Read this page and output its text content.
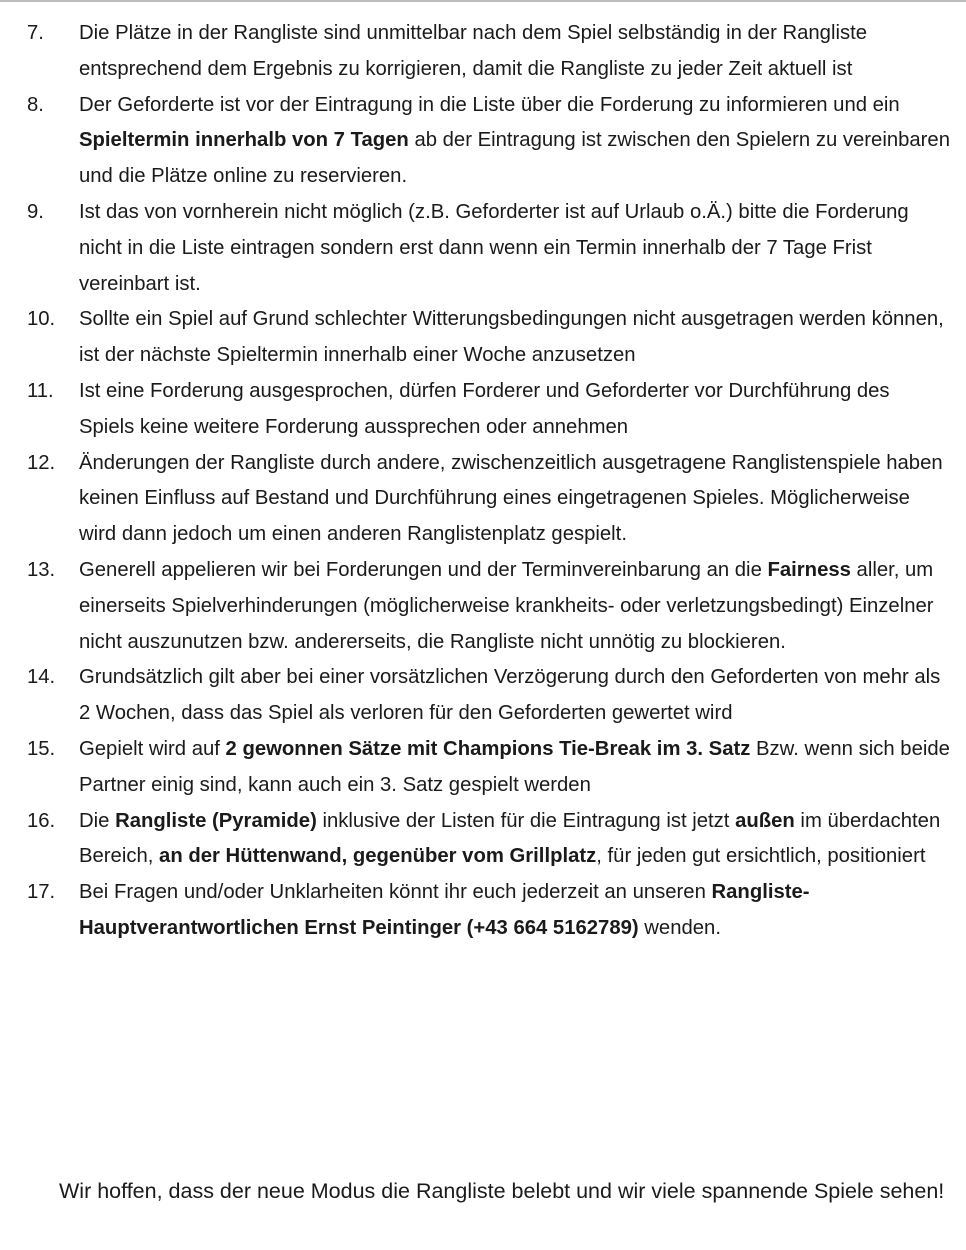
7. Die Plätze in der Rangliste sind unmittelbar nach dem Spiel selbständig in der Rangliste entsprechend dem Ergebnis zu korrigieren, damit die Rangliste zu jeder Zeit aktuell ist
8. Der Geforderte ist vor der Eintragung in die Liste über die Forderung zu informieren und ein Spieltermin innerhalb von 7 Tagen ab der Eintragung ist zwischen den Spielern zu vereinbaren und die Plätze online zu reservieren.
9. Ist das von vornherein nicht möglich (z.B. Geforderter ist auf Urlaub o.Ä.) bitte die Forderung nicht in die Liste eintragen sondern erst dann wenn ein Termin innerhalb der 7 Tage Frist vereinbart ist.
10. Sollte ein Spiel auf Grund schlechter Witterungsbedingungen nicht ausgetragen werden können, ist der nächste Spieltermin innerhalb einer Woche anzusetzen
11. Ist eine Forderung ausgesprochen, dürfen Forderer und Geforderter vor Durchführung des Spiels keine weitere Forderung aussprechen oder annehmen
12. Änderungen der Rangliste durch andere, zwischenzeitlich ausgetragene Ranglistenspiele haben keinen Einfluss auf Bestand und Durchführung eines eingetragenen Spieles. Möglicherweise wird dann jedoch um einen anderen Ranglistenplatz gespielt.
13. Generell appelieren wir bei Forderungen und der Terminvereinbarung an die Fairness aller, um einerseits Spielverhinderungen (möglicherweise krankheits- oder verletzungsbedingt) Einzelner nicht auszunutzen bzw. andererseits, die Rangliste nicht unnötig zu blockieren.
14. Grundsätzlich gilt aber bei einer vorsätzlichen Verzögerung durch den Geforderten von mehr als 2 Wochen, dass das Spiel als verloren für den Geforderten gewertet wird
15. Gepielt wird auf 2 gewonnen Sätze mit Champions Tie-Break im 3. Satz Bzw. wenn sich beide Partner einig sind, kann auch ein 3. Satz gespielt werden
16. Die Rangliste (Pyramide) inklusive der Listen für die Eintragung ist jetzt außen im überdachten Bereich, an der Hüttenwand, gegenüber vom Grillplatz, für jeden gut ersichtlich, positioniert
17. Bei Fragen und/oder Unklarheiten könnt ihr euch jederzeit an unseren Rangliste-Hauptverantwortlichen Ernst Peintinger (+43 664 5162789) wenden.
Wir hoffen, dass der neue Modus die Rangliste belebt und wir viele spannende Spiele sehen!
